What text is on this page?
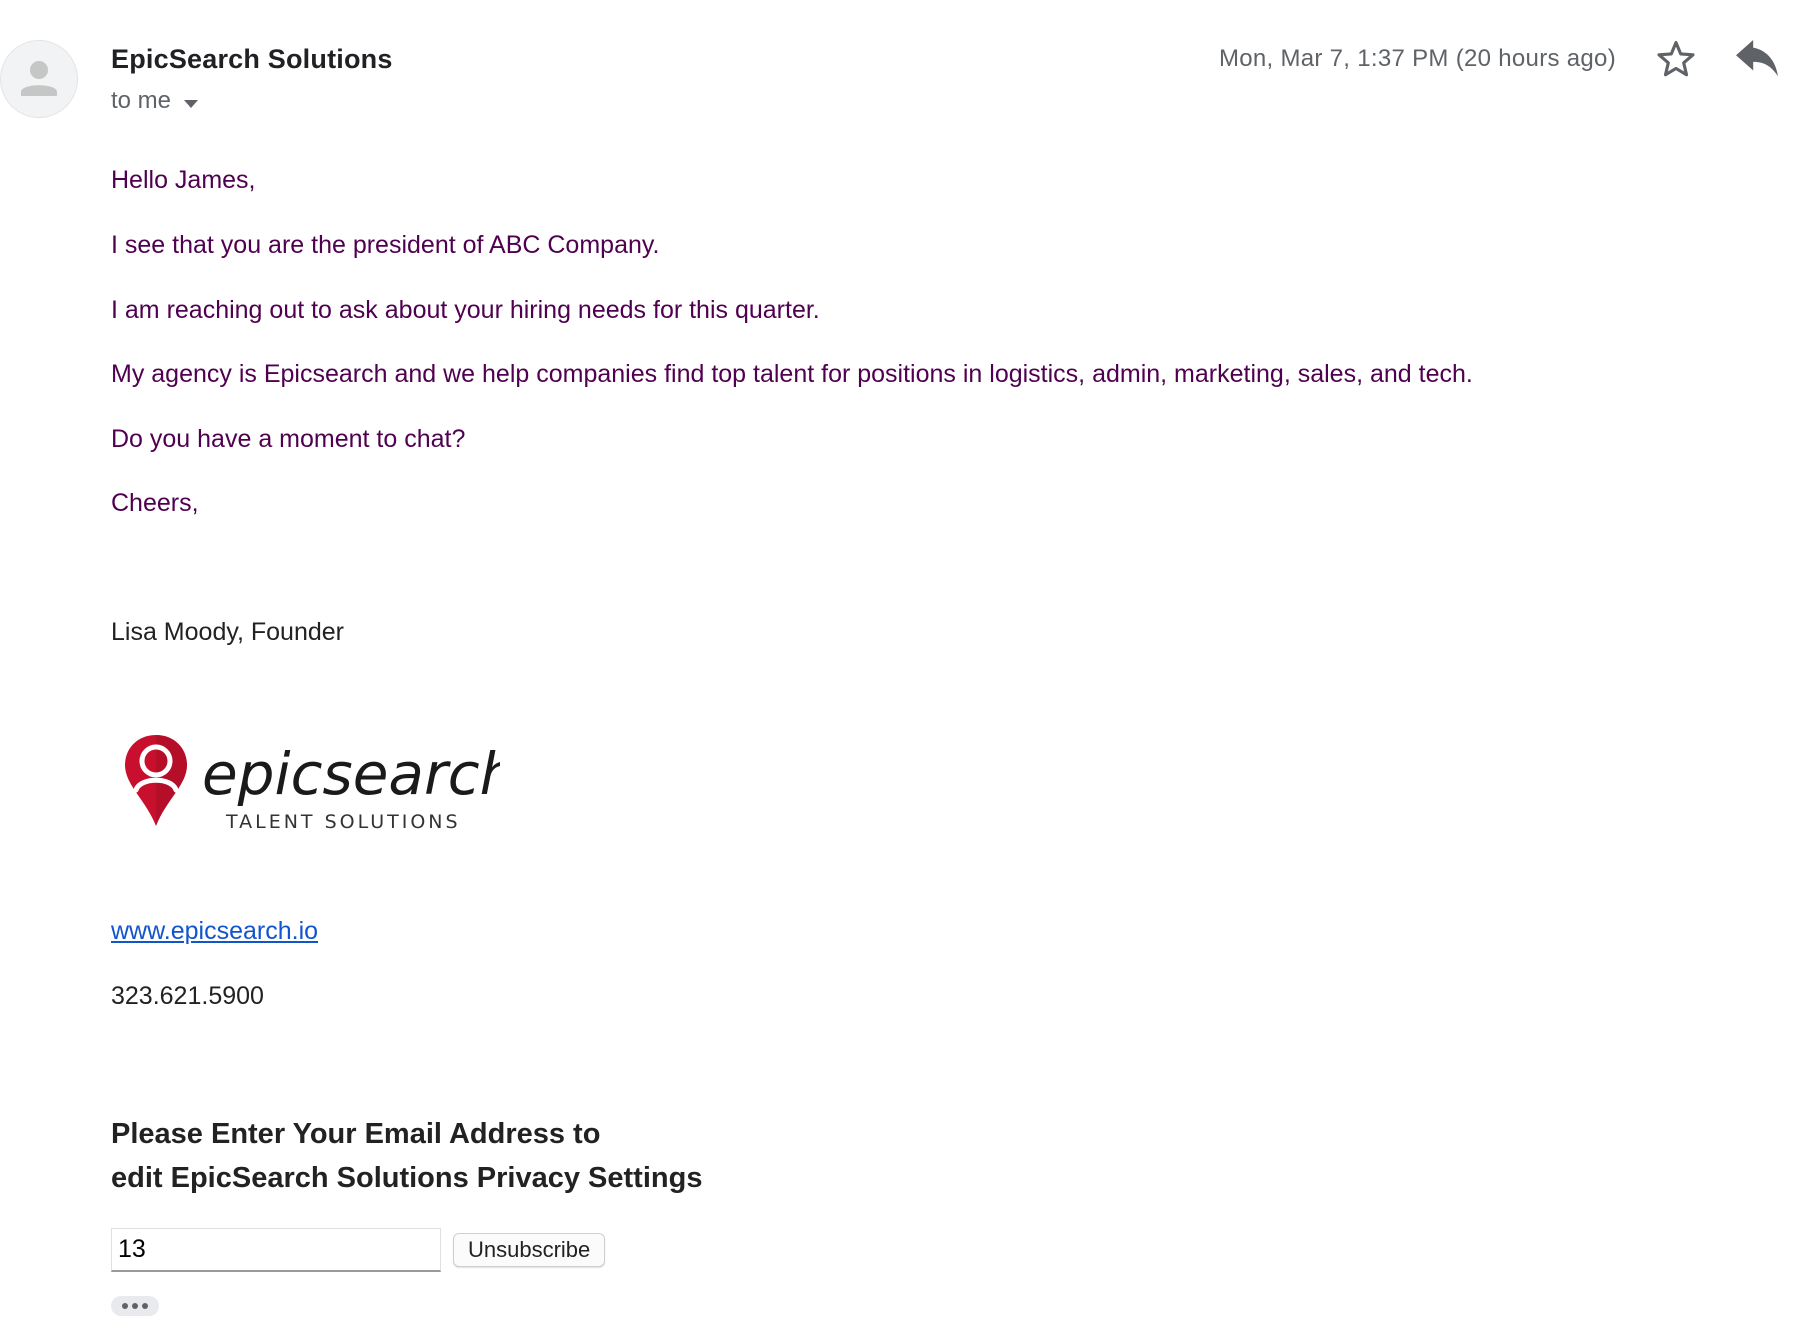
EpicSearch Solutions
to me
Mon, Mar 7, 1:37 PM (20 hours ago)
Hello James,
I see that you are the president of ABC Company.
I am reaching out to ask about your hiring needs for this quarter.
My agency is Epicsearch and we help companies find top talent for positions in logistics, admin, marketing, sales, and tech.
Do you have a moment to chat?
Cheers,
Lisa Moody, Founder
epicsearch
TALENT SOLUTIONS
www.epicsearch.io
323.621.5900
Please Enter Your Email Address to
edit EpicSearch Solutions Privacy Settings
13
Unsubscribe
